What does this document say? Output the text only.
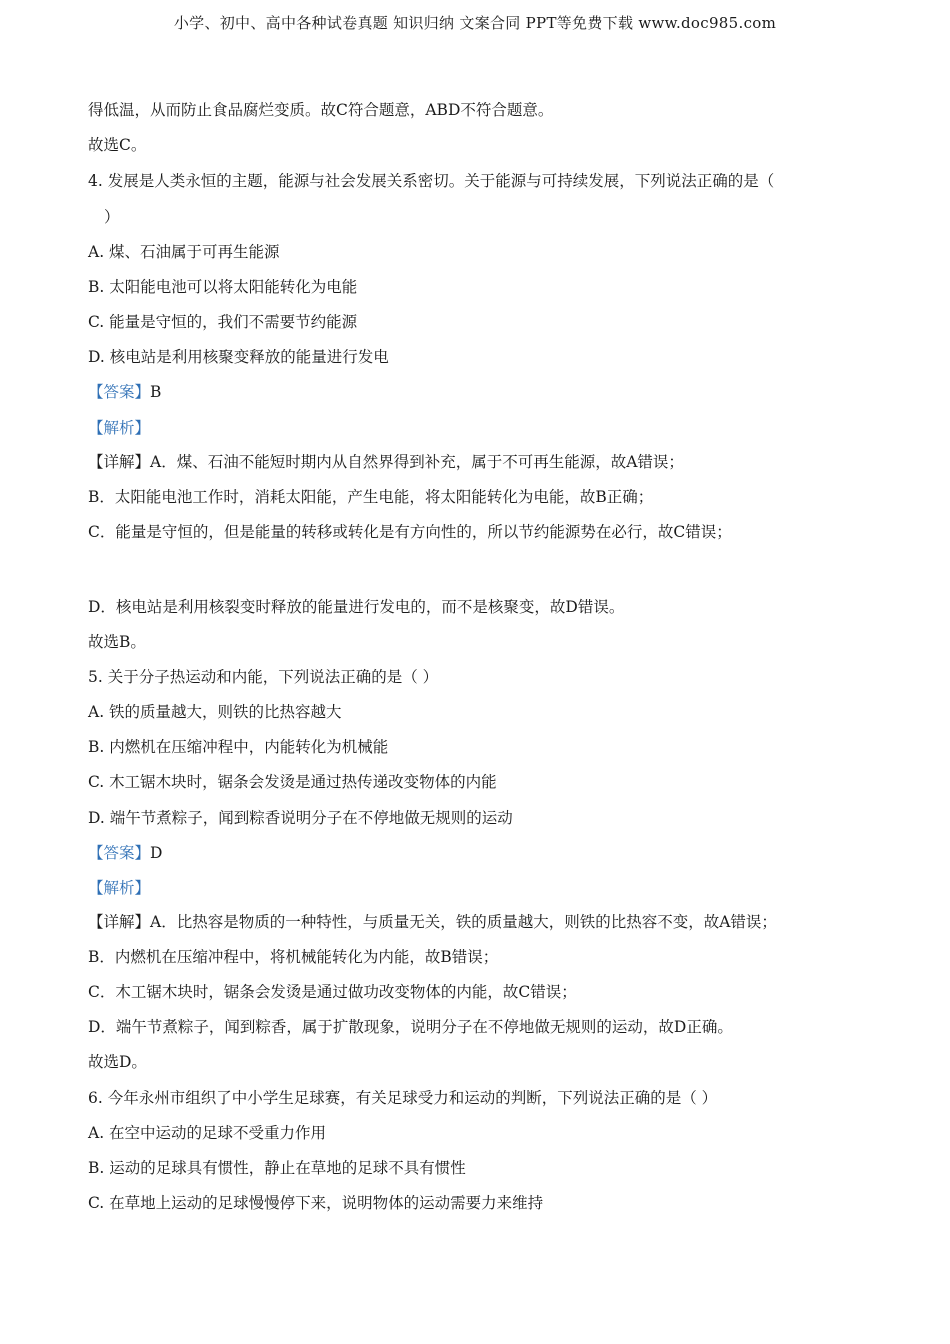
小学、初中、高中各种试卷真题 知识归纳 文案合同 PPT等免费下载 www.doc985.com
得低温，从而防止食品腐烂变质。故C符合题意，ABD不符合题意。
故选C。
4. 发展是人类永恒的主题，能源与社会发展关系密切。关于能源与可持续发展，下列说法正确的是（
）
A. 煤、石油属于可再生能源
B. 太阳能电池可以将太阳能转化为电能
C. 能量是守恒的，我们不需要节约能源
D. 核电站是利用核聚变释放的能量进行发电
【答案】B
【解析】
【详解】A．煤、石油不能短时期内从自然界得到补充，属于不可再生能源，故A错误；
B．太阳能电池工作时，消耗太阳能，产生电能，将太阳能转化为电能，故B正确；
C．能量是守恒的，但是能量的转移或转化是有方向性的，所以节约能源势在必行，故C错误；
D．核电站是利用核裂变时释放的能量进行发电的，而不是核聚变，故D错误。
故选B。
5. 关于分子热运动和内能，下列说法正确的是（ ）
A. 铁的质量越大，则铁的比热容越大
B. 内燃机在压缩冲程中，内能转化为机械能
C. 木工锯木块时，锯条会发烫是通过热传递改变物体的内能
D. 端午节煮粽子，闻到粽香说明分子在不停地做无规则的运动
【答案】D
【解析】
【详解】A．比热容是物质的一种特性，与质量无关，铁的质量越大，则铁的比热容不变，故A错误；
B．内燃机在压缩冲程中，将机械能转化为内能，故B错误；
C．木工锯木块时，锯条会发烫是通过做功改变物体的内能，故C错误；
D．端午节煮粽子，闻到粽香，属于扩散现象，说明分子在不停地做无规则的运动，故D正确。
故选D。
6. 今年永州市组织了中小学生足球赛，有关足球受力和运动的判断，下列说法正确的是（ ）
A. 在空中运动的足球不受重力作用
B. 运动的足球具有惯性，静止在草地的足球不具有惯性
C. 在草地上运动的足球慢慢停下来，说明物体的运动需要力来维持
